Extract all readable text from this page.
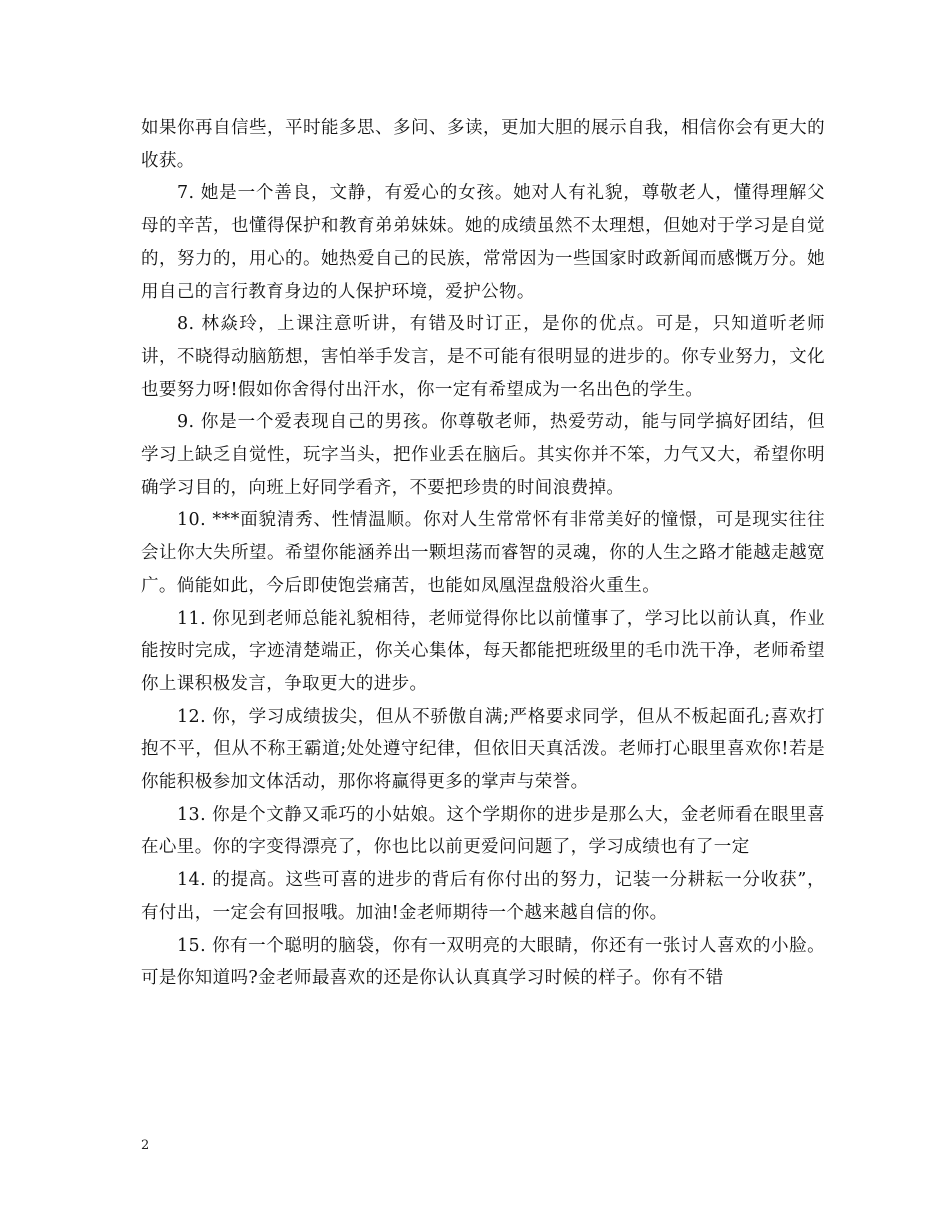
如果你再自信些，平时能多思、多问、多读，更加大胆的展示自我，相信你会有更大的收获。

7. 她是一个善良，文静，有爱心的女孩。她对人有礼貌，尊敬老人，懂得理解父母的辛苦，也懂得保护和教育弟弟妹妹。她的成绩虽然不太理想，但她对于学习是自觉的，努力的，用心的。她热爱自己的民族，常常因为一些国家时政新闻而感慨万分。她用自己的言行教育身边的人保护环境，爱护公物。

8. 林焱玲，上课注意听讲，有错及时订正，是你的优点。可是，只知道听老师讲，不晓得动脑筋想，害怕举手发言，是不可能有很明显的进步的。你专业努力，文化也要努力呀!假如你舍得付出汗水，你一定有希望成为一名出色的学生。

9. 你是一个爱表现自己的男孩。你尊敬老师，热爱劳动，能与同学搞好团结，但学习上缺乏自觉性，玩字当头，把作业丢在脑后。其实你并不笨，力气又大，希望你明确学习目的，向班上好同学看齐，不要把珍贵的时间浪费掉。

10. ***面貌清秀、性情温顺。你对人生常常怀有非常美好的憧憬，可是现实往往会让你大失所望。希望你能涵养出一颗坦荡而睿智的灵魂，你的人生之路才能越走越宽广。倘能如此，今后即使饱尝痛苦，也能如凤凰涅盘般浴火重生。

11. 你见到老师总能礼貌相待，老师觉得你比以前懂事了，学习比以前认真，作业能按时完成，字迹清楚端正，你关心集体，每天都能把班级里的毛巾洗干净，老师希望你上课积极发言，争取更大的进步。

12. 你，学习成绩拔尖，但从不骄傲自满;严格要求同学，但从不板起面孔;喜欢打抱不平，但从不称王霸道;处处遵守纪律，但依旧天真活泼。老师打心眼里喜欢你!若是你能积极参加文体活动，那你将赢得更多的掌声与荣誉。

13. 你是个文静又乖巧的小姑娘。这个学期你的进步是那么大，金老师看在眼里喜在心里。你的字变得漂亮了，你也比以前更爱问问题了，学习成绩也有了一定

14. 的提高。这些可喜的进步的背后有你付出的努力，记装一分耕耘一分收获”，有付出，一定会有回报哦。加油!金老师期待一个越来越自信的你。

15. 你有一个聪明的脑袋，你有一双明亮的大眼睛，你还有一张讨人喜欢的小脸。可是你知道吗?金老师最喜欢的还是你认认真真学习时候的样子。你有不错

2
